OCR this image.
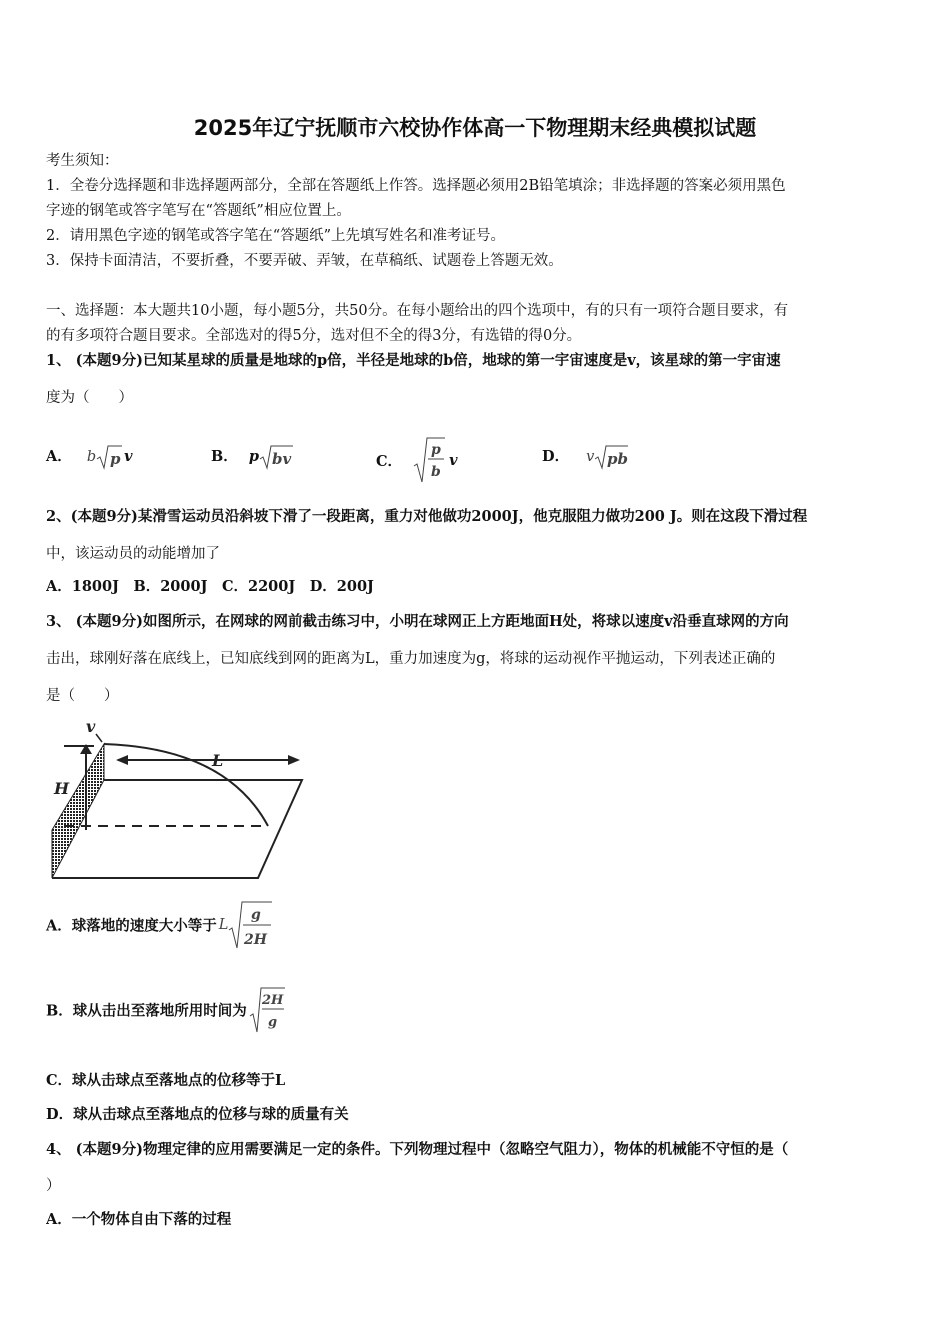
2025年辽宁抚顺市六校协作体高一下物理期末经典模拟试题
考生须知：
1．全卷分选择题和非选择题两部分，全部在答题纸上作答。选择题必须用2B铅笔填涂；非选择题的答案必须用黑色
字迹的钢笔或答字笔写在“答题纸”相应位置上。
2．请用黑色字迹的钢笔或答字笔在“答题纸”上先填写姓名和准考证号。
3．保持卡面清洁，不要折叠，不要弄破、弄皱，在草稿纸、试题卷上答题无效。
一、选择题：本大题共10小题，每小题5分，共50分。在每小题给出的四个选项中，有的只有一项符合题目要求，有
的有多项符合题目要求。全部选对的得5分，选对但不全的得3分，有选错的得0分。
1、 (本题9分)已知某星球的质量是地球的p倍，半径是地球的b倍，地球的第一宇宙速度是v，该星球的第一宇宙速
度为（　　）
A． b p v	B． p bv	C．
p
b
v	D． v pb
2、(本题9分)某滑雪运动员沿斜坡下滑了一段距离，重力对他做功2000J，他克服阻力做功200 J。则在这段下滑过程
中，该运动员的动能增加了
A．1800J　B．2000J　C．2200J　D．200J
3、 (本题9分)如图所示，在网球的网前截击练习中，小明在球网正上方距地面H处，将球以速度v沿垂直球网的方向
击出，球刚好落在底线上，已知底线到网的距离为L，重力加速度为g，将球的运动视作平抛运动，下列表述正确的
是（　　）
H
v
L
A．球落地的速度大小等于 L
g
2H
B．球从击出至落地所用时间为
2H
g
C．球从击球点至落地点的位移等于L
D．球从击球点至落地点的位移与球的质量有关
4、 (本题9分)物理定律的应用需要满足一定的条件。下列物理过程中（忽略空气阻力），物体的机械能不守恒的是（
）
A．一个物体自由下落的过程
